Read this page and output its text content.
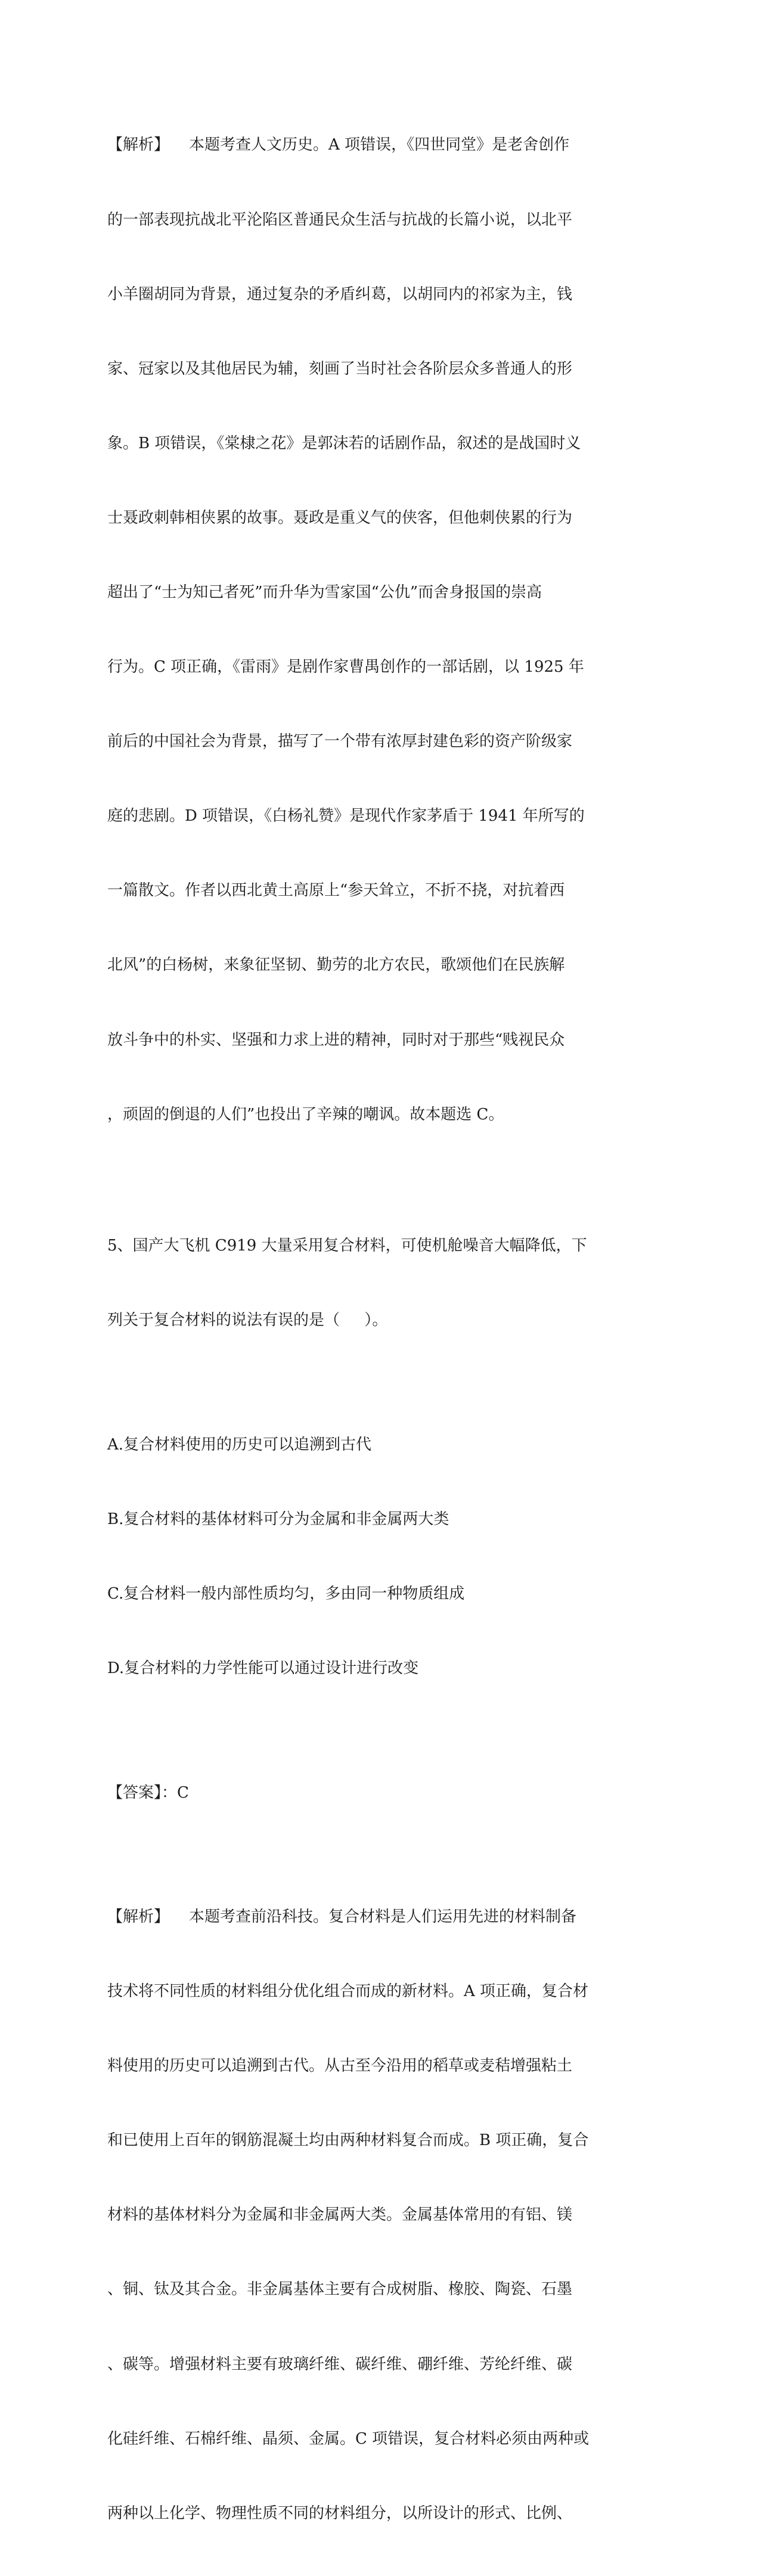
【解析】    本题考查人文历史。A 项错误，《四世同堂》是老舍创作

的一部表现抗战北平沦陷区普通民众生活与抗战的长篇小说，以北平

小羊圈胡同为背景，通过复杂的矛盾纠葛，以胡同内的祁家为主，钱

家、冠家以及其他居民为辅，刻画了当时社会各阶层众多普通人的形

象。B 项错误，《棠棣之花》是郭沫若的话剧作品，叙述的是战国时义

士聂政刺韩相侠累的故事。聂政是重义气的侠客，但他刺侠累的行为

超出了“士为知己者死”而升华为雪家国“公仇”而舍身报国的崇高

行为。C 项正确，《雷雨》是剧作家曹禺创作的一部话剧，以 1925 年

前后的中国社会为背景，描写了一个带有浓厚封建色彩的资产阶级家

庭的悲剧。D 项错误，《白杨礼赞》是现代作家茅盾于 1941 年所写的

一篇散文。作者以西北黄土高原上“参天耸立，不折不挠，对抗着西

北风”的白杨树，来象征坚韧、勤劳的北方农民，歌颂他们在民族解

放斗争中的朴实、坚强和力求上进的精神，同时对于那些“贱视民众

，顽固的倒退的人们”也投出了辛辣的嘲讽。故本题选 C。

5、国产大飞机 C919 大量采用复合材料，可使机舱噪音大幅降低，下

列关于复合材料的说法有误的是（     ）。

A.复合材料使用的历史可以追溯到古代

B.复合材料的基体材料可分为金属和非金属两大类

C.复合材料一般内部性质均匀，多由同一种物质组成

D.复合材料的力学性能可以通过设计进行改变

【答案】：C

【解析】    本题考查前沿科技。复合材料是人们运用先进的材料制备

技术将不同性质的材料组分优化组合而成的新材料。A 项正确，复合材

料使用的历史可以追溯到古代。从古至今沿用的稻草或麦秸增强粘土

和已使用上百年的钢筋混凝土均由两种材料复合而成。B 项正确，复合

材料的基体材料分为金属和非金属两大类。金属基体常用的有铝、镁

、铜、钛及其合金。非金属基体主要有合成树脂、橡胶、陶瓷、石墨

、碳等。增强材料主要有玻璃纤维、碳纤维、硼纤维、芳纶纤维、碳

化硅纤维、石棉纤维、晶须、金属。C 项错误，复合材料必须由两种或

两种以上化学、物理性质不同的材料组分，以所设计的形式、比例、
